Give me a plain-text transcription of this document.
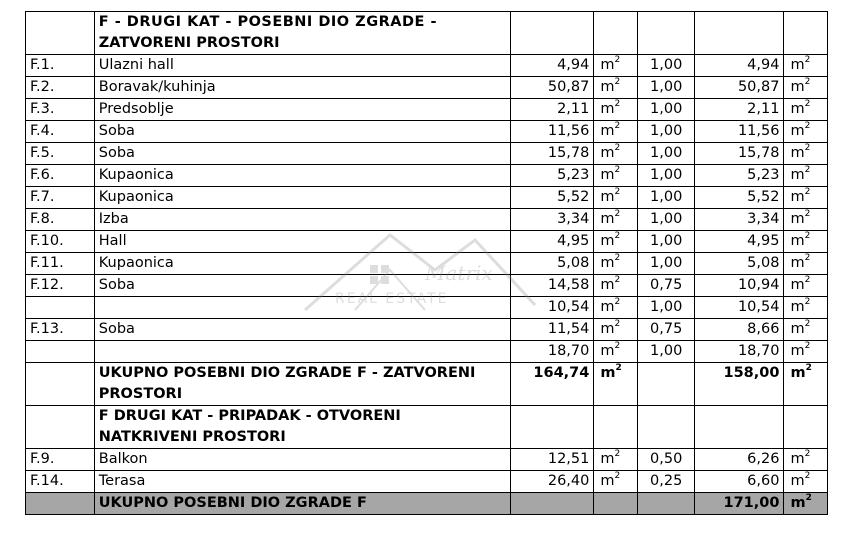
	F - DRUGI KAT - POSEBNI DIO ZGRADE -
ZATVORENI PROSTORI					

F.1.	Ulazni hall	4,94	$m^2$	1,00	4,94	$m^2$
F.2.	Boravak/kuhinja	50,87	$m^2$	1,00	50,87	$m^2$
F.3.	Predsoblje	2,11	$m^2$	1,00	2,11	$m^2$
F.4.	Soba	11,56	$m^2$	1,00	11,56	$m^2$
F.5.	Soba	15,78	$m^2$	1,00	15,78	$m^2$
F.6.	Kupaonica	5,23	$m^2$	1,00	5,23	$m^2$
F.7.	Kupaonica	5,52	$m^2$	1,00	5,52	$m^2$
F.8.	Izba	3,34	$m^2$	1,00	3,34	$m^2$
F.10.	Hall	4,95	$m^2$	1,00	4,95	$m^2$
F.11.	Kupaonica	5,08	$m^2$	1,00	5,08	$m^2$
F.12.	Soba	14,58	$m^2$	0,75	10,94	$m^2$
		10,54	$m^2$	1,00	10,54	$m^2$
F.13.	Soba	11,54	$m^2$	0,75	8,66	$m^2$
		18,70	$m^2$	1,00	18,70	$m^2$

	UKUPNO POSEBNI DIO ZGRADE F - ZATVORENI
PROSTORI	164,74	$m^2$		158,00	$m^2$

	F DRUGI KAT - PRIPADAK - OTVORENI
NATKRIVENI PROSTORI					

F.9.	Balkon	12,51	$m^2$	0,50	6,26	$m^2$
F.14.	Terasa	26,40	$m^2$	0,25	6,60	$m^2$
	UKUPNO POSEBNI DIO ZGRADE F				171,00	$m^2$
Matrix
REAL ESTATE
